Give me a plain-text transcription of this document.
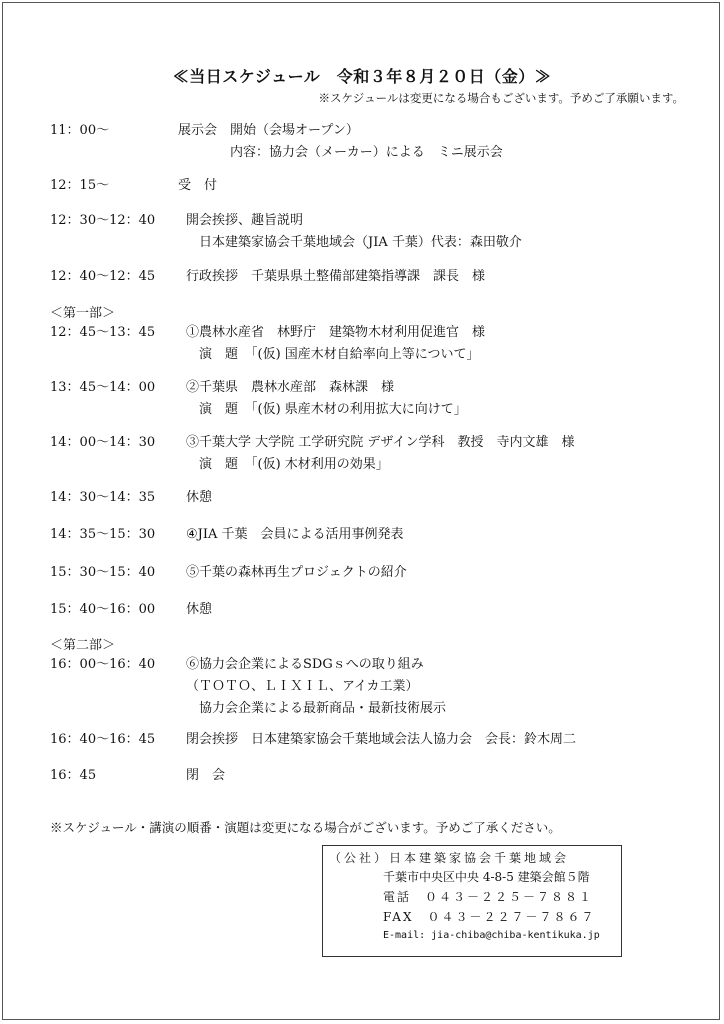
≪当日スケジュール　令和３年８月２０日（金）≫
※スケジュールは変更になる場合もございます。予めご了承願います。
11：00～	展示会　開始（会場オープン）
　　　　内容：協力会（メーカー）による　ミニ展示会
12：15～	受　付
12：30～12：40 開会挨拶、趣旨説明
　日本建築家協会千葉地域会（JIA 千葉）代表：森田敬介
12：40～12：45 行政挨拶　千葉県県土整備部建築指導課　課長　様
＜第一部＞
12：45～13：45 ①農林水産省　林野庁　建築物木材利用促進官　様
　演　題　「(仮) 国産木材自給率向上等について」
13：45～14：00 ②千葉県　農林水産部　森林課　様
　演　題　「(仮) 県産木材の利用拡大に向けて」
14：00～14：30 ③千葉大学 大学院 工学研究院 デザイン学科　教授　寺内文雄　様
　演　題　「(仮) 木材利用の効果」
14：30～14：35 休憩
14：35～15：30 ④JIA 千葉　会員による活用事例発表
15：30～15：40 ⑤千葉の森林再生プロジェクトの紹介
15：40～16：00 休憩
＜第二部＞
16：00～16：40 ⑥協力会企業によるSDGｓへの取り組み
（ＴＯＴＯ、ＬＩＸＩＬ、アイカ工業）
　協力会企業による最新商品・最新技術展示
16：40～16：45 閉会挨拶　日本建築家協会千葉地域会法人協力会　会長：鈴木周二
16：45	閉　会
※スケジュール・講演の順番・演題は変更になる場合がございます。予めご了承ください。
（公社）日本建築家協会千葉地域会
千葉市中央区中央 4-8-5 建築会館５階
電話　０４３－２２５－７８８１
FAX　０４３－２２７－７８６７
E-mail: jia-chiba@chiba-kentikuka.jp
